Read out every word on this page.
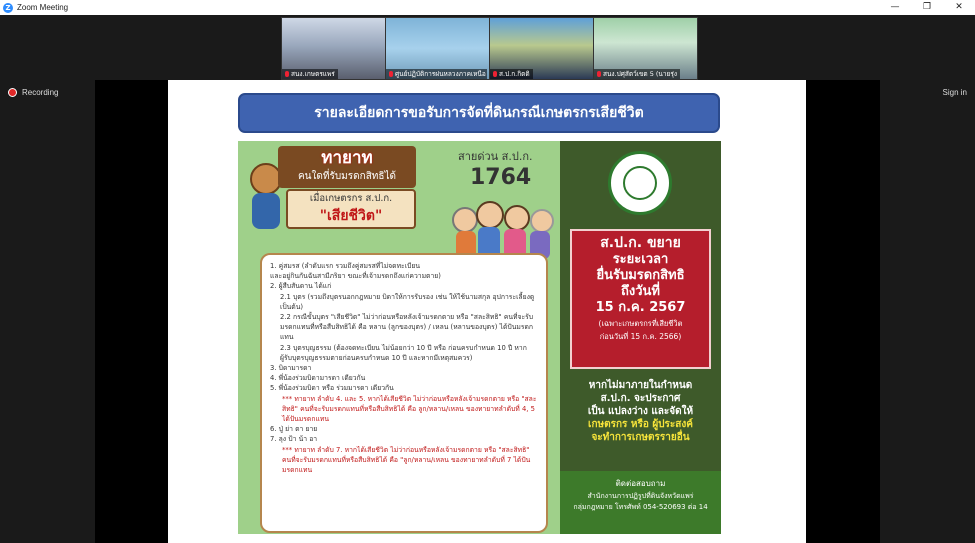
Z Zoom Meeting	—	❐	✕
สนง.เกษตรแพร่	ศูนย์ปฏิบัติการฝนหลวงภาคเหนือ	ส.ป.ก.กิตติ	สนง.ปศุสัตว์เขต 5 (นายรุ่ง
Recording	Sign in
รายละเอียดการขอรับการจัดที่ดินกรณีเกษตรกรเสียชีวิต
ทายาท
คนใดที่รับมรดกสิทธิได้
เมื่อเกษตรกร ส.ป.ก.
"เสียชีวิต"
สายด่วน ส.ป.ก.
1764

1. คู่สมรส (ลำดับแรก รวมถึงคู่สมรสที่ไม่จดทะเบียน

และอยู่กินกันฉันสามีภริยา ขณะที่เจ้ามรดกถึงแก่ความตาย)

2. ผู้สืบสันดาน ได้แก่

2.1 บุตร (รวมถึงบุตรนอกกฎหมาย บิดาให้การรับรอง เช่น ให้ใช้นามสกุล อุปการะเลี้ยงดู เป็นต้น)

2.2 กรณีขั้นบุตร "เสียชีวิต" ไม่ว่าก่อนหรือหลังเจ้ามรดกตาย หรือ "สละสิทธิ" คนที่จะรับมรดกแทนที่หรือสืบสิทธิได้ คือ หลาน (ลูกของบุตร) / เหลน (หลานของบุตร) ได้ปันมรดกแทน

2.3 บุตรบุญธรรม (ต้องจดทะเบียน ไม่น้อยกว่า 10 ปี หรือ ก่อนครบกำหนด 10 ปี หากผู้รับบุตรบุญธรรมตายก่อนครบกำหนด 10 ปี และหากมีเหตุสมควร)

3. บิดามารดา

4. พี่น้องร่วมบิดามารดา เดียวกัน

5. พี่น้องร่วมบิดา หรือ ร่วมมารดา เดียวกัน

*** ทายาท ลำดับ 4. และ 5. หากได้เสียชีวิต ไม่ว่าก่อนหรือหลังเจ้ามรดกตาย หรือ "สละสิทธิ" คนที่จะรับมรดกแทนที่หรือสืบสิทธิได้ คือ ลูก/หลาน/เหลน ของทายาทลำดับที่ 4, 5 ได้ปันมรดกแทน

6. ปู่ ย่า ตา ยาย

7. ลุง ป้า น้า อา

*** ทายาท ลำดับ 7. หากได้เสียชีวิต ไม่ว่าก่อนหรือหลังเจ้ามรดกตาย หรือ "สละสิทธิ" คนที่จะรับมรดกแทนที่หรือสืบสิทธิได้ คือ "ลูก/หลาน/เหลน ของทายาทลำดับที่ 7 ได้ปันมรดกแทน

ส.ป.ก. ขยาย
ระยะเวลา
ยื่นรับมรดกสิทธิ
ถึงวันที่
15 ก.ค. 2567
(เฉพาะเกษตรกรที่เสียชีวิต
ก่อนวันที่ 15 ก.ค. 2566)
หากไม่มาภายในกำหนด
ส.ป.ก. จะประกาศ
เป็น แปลงว่าง และจัดให้
เกษตรกร หรือ ผู้ประสงค์
จะทำการเกษตรรายอื่น
ติดต่อสอบถาม
สำนักงานการปฏิรูปที่ดินจังหวัดแพร่
กลุ่มกฎหมาย โทรศัพท์ 054-520693 ต่อ 14
